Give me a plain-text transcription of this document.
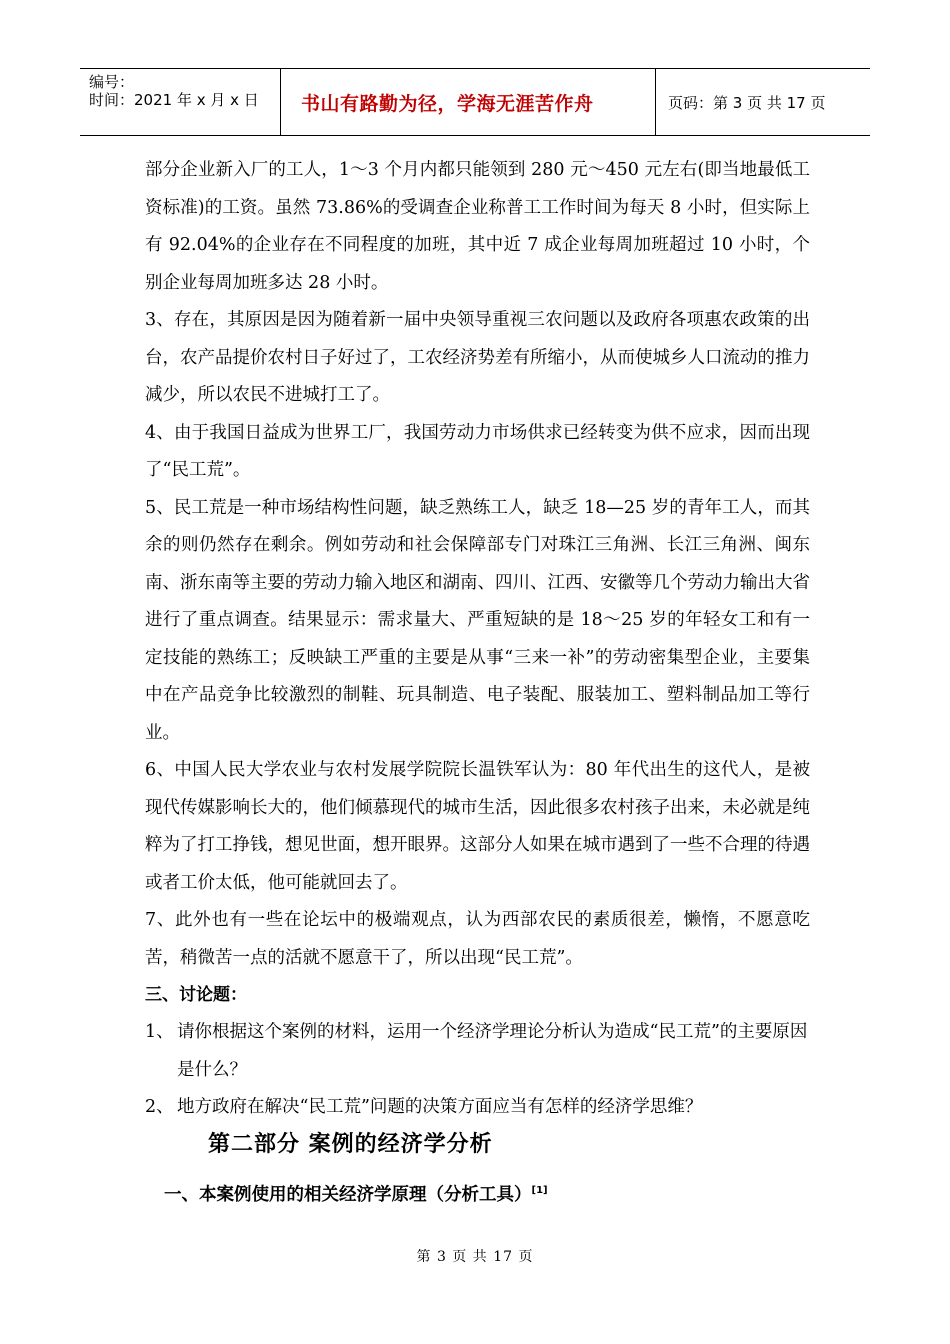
编号：
时间：2021 年 x 月 x 日	书山有路勤为径，学海无涯苦作舟	页码：第 3 页 共 17 页

部分企业新入厂的工人，1～3 个月内都只能领到 280 元～450 元左右(即当地最低工资标准)的工资。虽然 73.86%的受调查企业称普工工作时间为每天 8 小时，但实际上有 92.04%的企业存在不同程度的加班，其中近 7 成企业每周加班超过 10 小时，个别企业每周加班多达 28 小时。

3、存在，其原因是因为随着新一届中央领导重视三农问题以及政府各项惠农政策的出台，农产品提价农村日子好过了，工农经济势差有所缩小，从而使城乡人口流动的推力减少，所以农民不进城打工了。

4、由于我国日益成为世界工厂，我国劳动力市场供求已经转变为供不应求，因而出现了“民工荒”。

5、民工荒是一种市场结构性问题，缺乏熟练工人，缺乏 18—25 岁的青年工人，而其余的则仍然存在剩余。例如劳动和社会保障部专门对珠江三角洲、长江三角洲、闽东南、浙东南等主要的劳动力输入地区和湖南、四川、江西、安徽等几个劳动力输出大省进行了重点调查。结果显示：需求量大、严重短缺的是 18～25 岁的年轻女工和有一定技能的熟练工；反映缺工严重的主要是从事“三来一补”的劳动密集型企业，主要集中在产品竞争比较激烈的制鞋、玩具制造、电子装配、服装加工、塑料制品加工等行业。

6、中国人民大学农业与农村发展学院院长温铁军认为：80 年代出生的这代人，是被现代传媒影响长大的，他们倾慕现代的城市生活，因此很多农村孩子出来，未必就是纯粹为了打工挣钱，想见世面，想开眼界。这部分人如果在城市遇到了一些不合理的待遇或者工价太低，他可能就回去了。

7、此外也有一些在论坛中的极端观点，认为西部农民的素质很差，懒惰，不愿意吃苦，稍微苦一点的活就不愿意干了，所以出现“民工荒”。

三、讨论题：
1、 请你根据这个案例的材料，运用一个经济学理论分析认为造成“民工荒”的主要原因是什么？
2、 地方政府在解决“民工荒”问题的决策方面应当有怎样的经济学思维？
第二部分 案例的经济学分析
一、本案例使用的相关经济学原理（分析工具）[1]
第 3 页 共 17 页
